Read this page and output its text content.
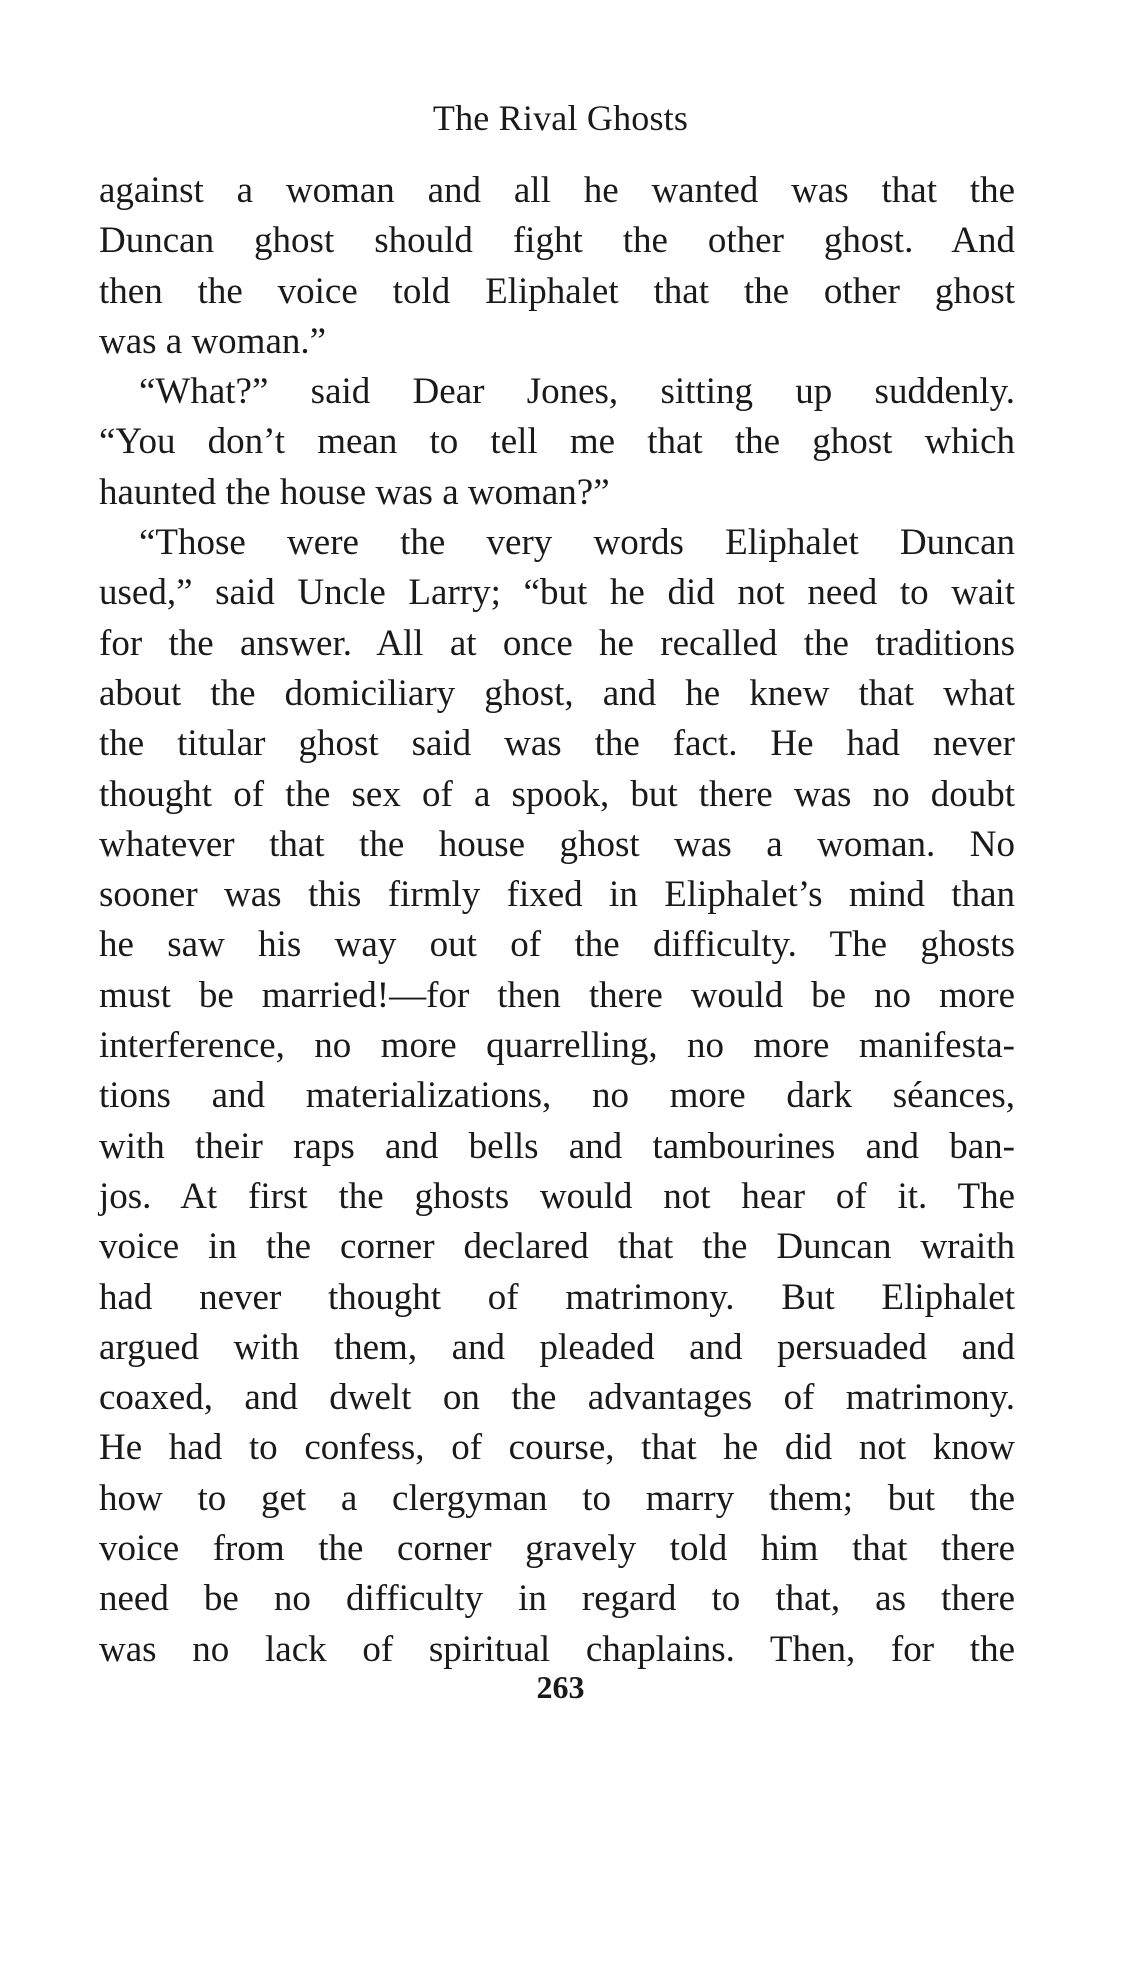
The Rival Ghosts
against a woman and all he wanted was that the
Duncan ghost should fight the other ghost. And
then the voice told Eliphalet that the other ghost
was a woman.”
“What?” said Dear Jones, sitting up suddenly.
“You don’t mean to tell me that the ghost which
haunted the house was a woman?”
“Those were the very words Eliphalet Duncan
used,” said Uncle Larry; “but he did not need to wait
for the answer. All at once he recalled the traditions
about the domiciliary ghost, and he knew that what
the titular ghost said was the fact. He had never
thought of the sex of a spook, but there was no doubt
whatever that the house ghost was a woman. No
sooner was this firmly fixed in Eliphalet’s mind than
he saw his way out of the difficulty. The ghosts
must be married!—for then there would be no more
interference, no more quarrelling, no more manifesta-
tions and materializations, no more dark séances,
with their raps and bells and tambourines and ban-
jos. At first the ghosts would not hear of it. The
voice in the corner declared that the Duncan wraith
had never thought of matrimony. But Eliphalet
argued with them, and pleaded and persuaded and
coaxed, and dwelt on the advantages of matrimony.
He had to confess, of course, that he did not know
how to get a clergyman to marry them; but the
voice from the corner gravely told him that there
need be no difficulty in regard to that, as there
was no lack of spiritual chaplains. Then, for the
263
